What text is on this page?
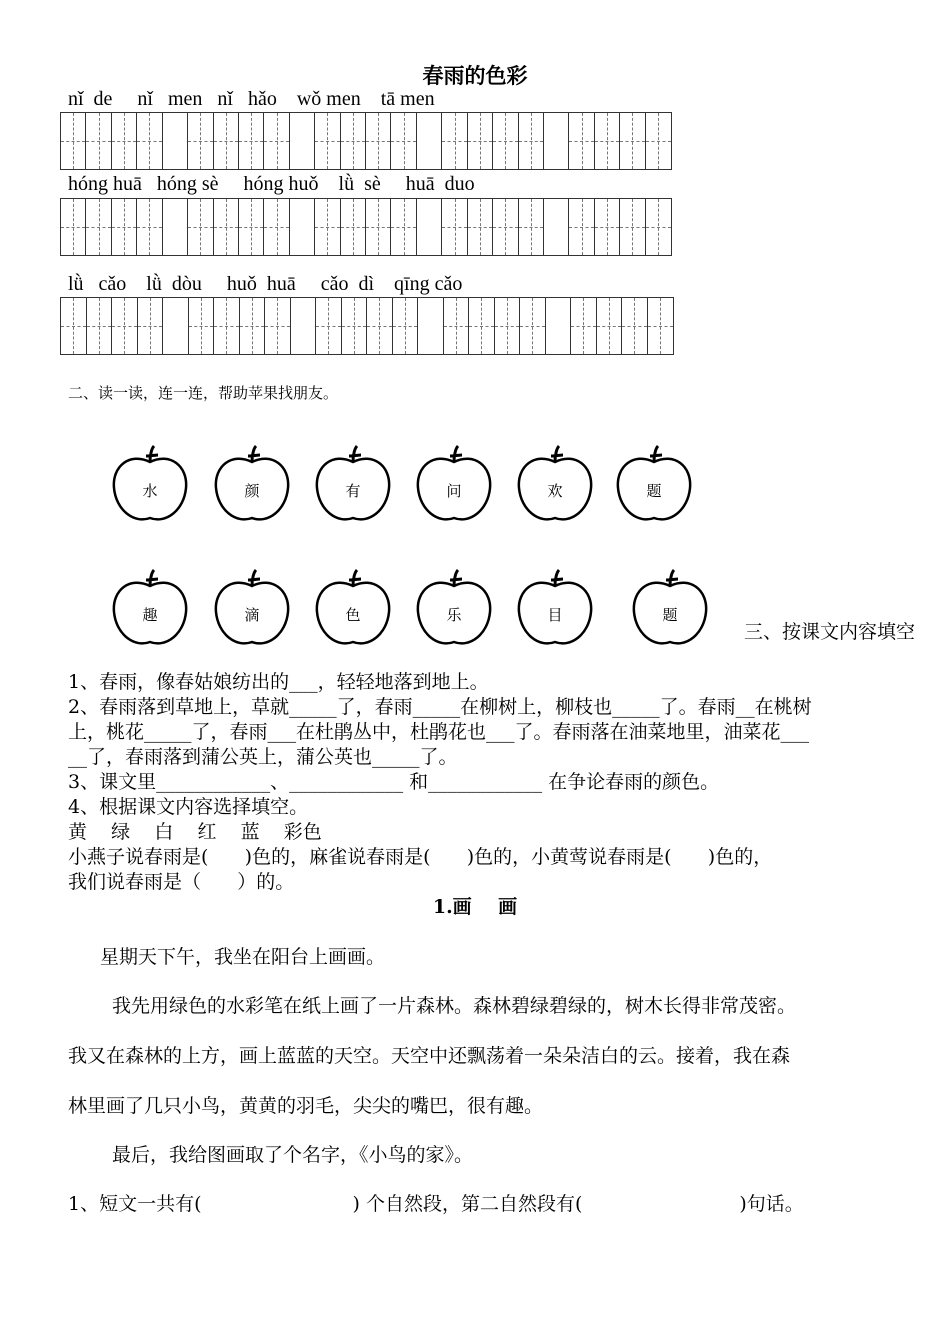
春雨的色彩
nǐ  de     nǐ   men   nǐ   hǎo    wǒ men    tā men
hóng huā   hóng sè     hóng huǒ    lǜ  sè     huā  duo
lǜ   cǎo    lǜ  dòu     huǒ  huā     cǎo  dì    qīng cǎo
二、读一读，连一连，帮助苹果找朋友。
水	颜	有	问	欢	题
趣	滴	色	乐	目	题
三、按课文内容填空
1、春雨，像春姑娘纺出的___，轻轻地落到地上。
2、春雨落到草地上，草就_____了，春雨_____在柳树上，柳枝也_____了。春雨__在桃树
上，桃花_____了，春雨___在杜鹃丛中，杜鹃花也___了。春雨落在油菜地里，油菜花___
__了，春雨落到蒲公英上，蒲公英也_____了。
3、课文里____________、____________ 和____________ 在争论春雨的颜色。
4、根据课文内容选择填空。
黄    绿    白    红    蓝    彩色
小燕子说春雨是(      )色的，麻雀说春雨是(      )色的，小黄莺说春雨是(      )色的，
我们说春雨是（      ）的。
1.画    画
星期天下午，我坐在阳台上画画。
我先用绿色的水彩笔在纸上画了一片森林。森林碧绿碧绿的，树木长得非常茂密。
我又在森林的上方，画上蓝蓝的天空。天空中还飘荡着一朵朵洁白的云。接着，我在森
林里画了几只小鸟，黄黄的羽毛，尖尖的嘴巴，很有趣。
最后，我给图画取了个名字，《小鸟的家》。
1、短文一共有(                         ) 个自然段，第二自然段有(                          )句话。
